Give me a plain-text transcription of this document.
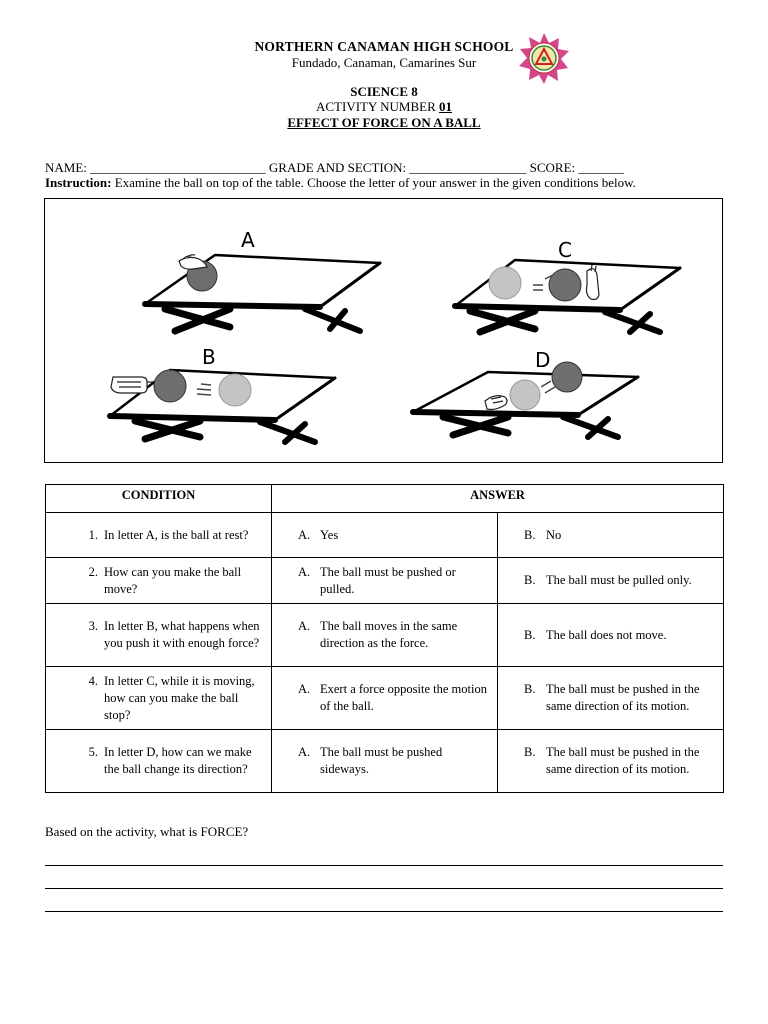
NORTHERN CANAMAN HIGH SCHOOL
Fundado, Canaman, Camarines Sur
SCIENCE 8
ACTIVITY NUMBER 01
EFFECT OF FORCE ON A BALL
NAME: ___________________________ GRADE AND SECTION: __________________ SCORE: _______
Instruction: Examine the ball on top of the table. Choose the letter of your answer in the given conditions below.
A	C
B	D
CONDITION	ANSWER	

1. In letter A, is the ball at rest?	A. Yes	B. No

2. How can you make the ball move?	A. The ball must be pushed or pulled.	B. The ball must be pulled only.

3. In letter B, what happens when you push it with enough force?	A. The ball moves in the same direction as the force.	B. The ball does not move.

4. In letter C, while it is moving, how can you make the ball stop?	A. Exert a force opposite the motion of the ball.	B. The ball must be pushed in the same direction of its motion.

5. In letter D, how can we make the ball change its direction?	A. The ball must be pushed sideways.	B. The ball must be pushed in the same direction of its motion.
Based on the activity, what is FORCE?
